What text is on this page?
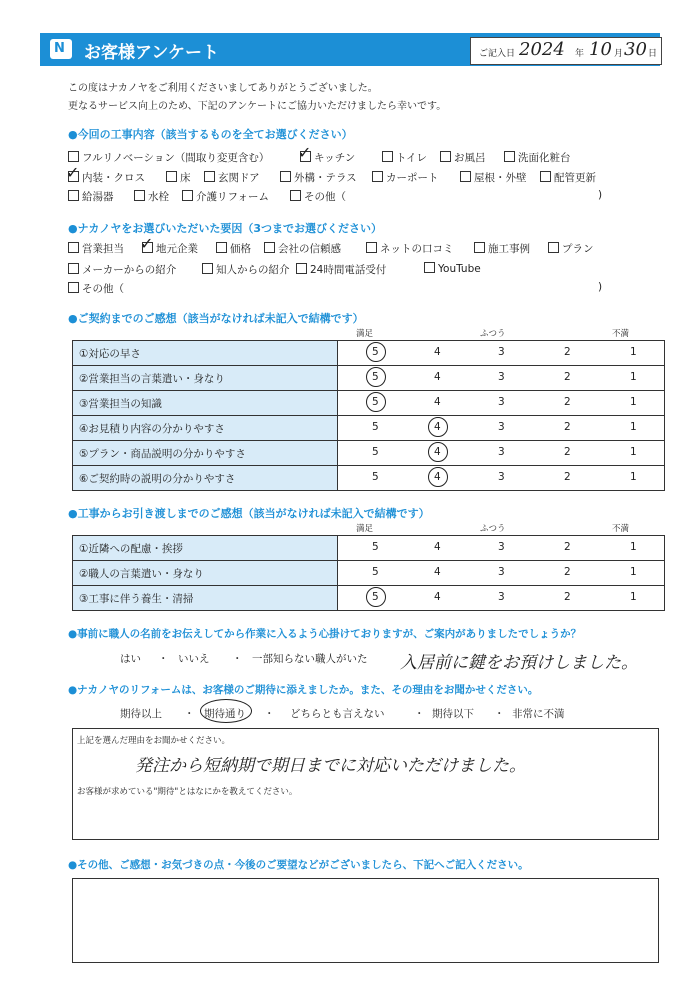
N お客様アンケート	ご記入日 2024 年 10 月 30 日
この度はナカノヤをご利用くださいましてありがとうございました。
更なるサービス向上のため、下記のアンケートにご協力いただけましたら幸いです。
●今回の工事内容（該当するものを全てお選びください）
フルリノベーション（間取り変更含む）	キッチン
✓	トイレ	お風呂	洗面化粧台
内装・クロス
✓	床	玄関ドア	外構・テラス	カーポート	屋根・外壁	配管更新
給湯器	水栓	介護リフォーム	その他（	)
●ナカノヤをお選びいただいた要因（3つまでお選びください）
営業担当	地元企業
✓	価格	会社の信頼感	ネットの口コミ	施工事例	プラン
メーカーからの紹介	知人からの紹介	24時間電話受付	YouTube
その他（	)
●ご契約までのご感想（該当がなければ未記入で結構です）
満足	ふつう	不満
①対応の早さ	5 4 3 2 1

②営業担当の言葉遣い・身なり	5 4 3 2 1

③営業担当の知識	5 4 3 2 1

④お見積り内容の分かりやすさ	5 4 3 2 1

⑤プラン・商品説明の分かりやすさ	5 4 3 2 1

⑥ご契約時の説明の分かりやすさ	5 4 3 2 1
●工事からお引き渡しまでのご感想（該当がなければ未記入で結構です）
満足	ふつう	不満
①近隣への配慮・挨拶	5 4 3 2 1

②職人の言葉遣い・身なり	5 4 3 2 1

③工事に伴う養生・清掃	5 4 3 2 1
●事前に職人の名前をお伝えしてから作業に入るよう心掛けておりますが、ご案内がありましたでしょうか？
はい ・ いいえ ・ 一部知らない職人がいた 入居前に鍵をお預けしました。
●ナカノヤのリフォームは、お客様のご期待に添えましたか。また、その理由をお聞かせください。
期待以上 ・ 期待通り ・ どちらとも言えない	・ 期待以下 ・ 非常に不満
上記を選んだ理由をお聞かせください。
発注から短納期で期日までに対応いただけました。
お客様が求めている"期待"とはなにかを教えてください。
●その他、ご感想・お気づきの点・今後のご要望などがございましたら、下記へご記入ください。
